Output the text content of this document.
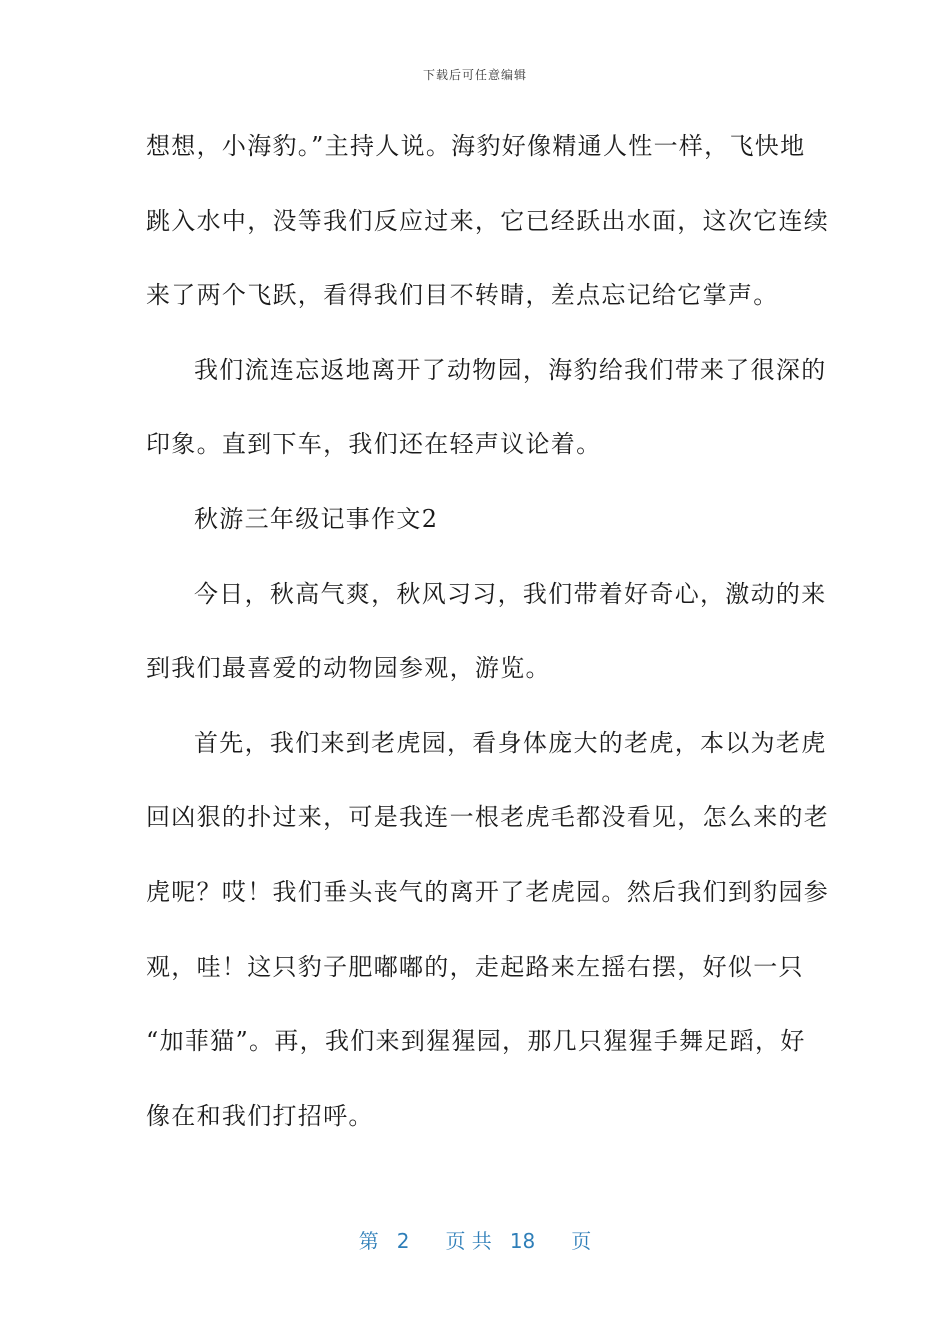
下载后可任意编辑
想想，小海豹。”主持人说。海豹好像精通人性一样，飞快地
跳入水中，没等我们反应过来，它已经跃出水面，这次它连续
来了两个飞跃，看得我们目不转睛，差点忘记给它掌声。
我们流连忘返地离开了动物园，海豹给我们带来了很深的
印象。直到下车，我们还在轻声议论着。
秋游三年级记事作文2
今日，秋高气爽，秋风习习，我们带着好奇心，激动的来
到我们最喜爱的动物园参观，游览。
首先，我们来到老虎园，看身体庞大的老虎，本以为老虎
回凶狠的扑过来，可是我连一根老虎毛都没看见，怎么来的老
虎呢？哎！我们垂头丧气的离开了老虎园。然后我们到豹园参
观，哇！这只豹子肥嘟嘟的，走起路来左摇右摆，好似一只
“加菲猫”。再，我们来到猩猩园，那几只猩猩手舞足蹈，好
像在和我们打招呼。
第 2 页 共 18 页
